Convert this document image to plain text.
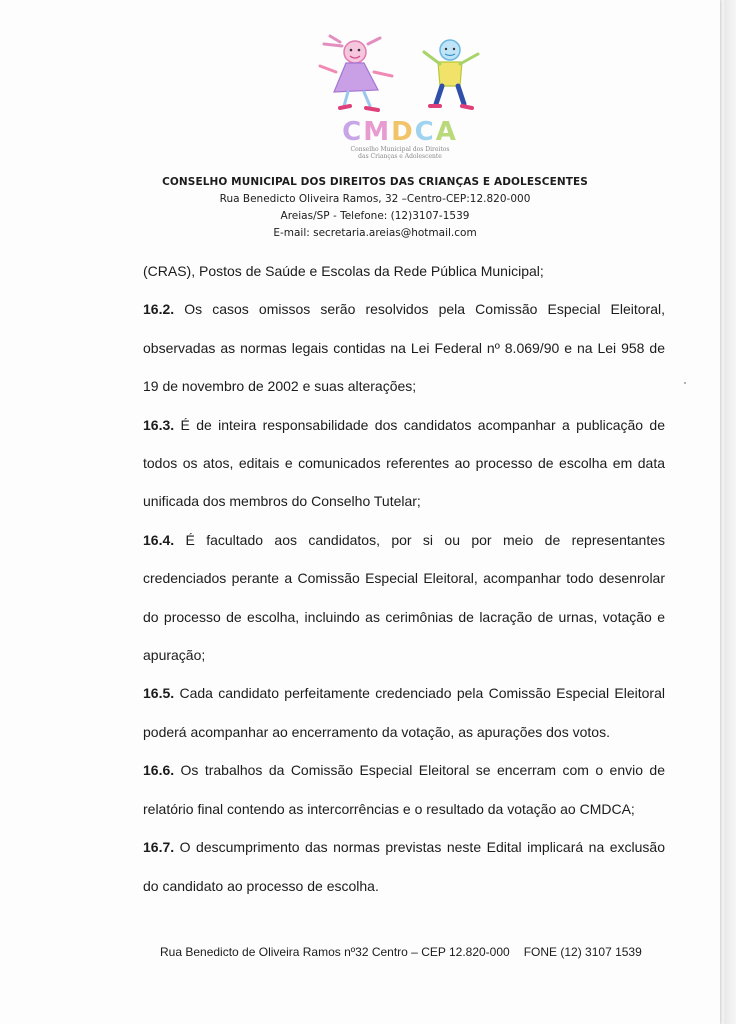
CMDCA
Conselho Municipal dos Direitos
das Crianças e Adolescente
CONSELHO MUNICIPAL DOS DIREITOS DAS CRIANÇAS E ADOLESCENTES
Rua Benedicto Oliveira Ramos, 32 –Centro-CEP:12.820-000
Areias/SP - Telefone: (12)3107-1539
E-mail: secretaria.areias@hotmail.com

(CRAS), Postos de Saúde e Escolas da Rede Pública Municipal;

16.2. Os casos omissos serão resolvidos pela Comissão Especial Eleitoral, observadas as normas legais contidas na Lei Federal nº 8.069/90 e na Lei 958 de 19 de novembro de 2002 e suas alterações;

16.3. É de inteira responsabilidade dos candidatos acompanhar a publicação de todos os atos, editais e comunicados referentes ao processo de escolha em data unificada dos membros do Conselho Tutelar;

16.4. É facultado aos candidatos, por si ou por meio de representantes credenciados perante a Comissão Especial Eleitoral, acompanhar todo desenrolar do processo de escolha, incluindo as cerimônias de lacração de urnas, votação e apuração;

16.5. Cada candidato perfeitamente credenciado pela Comissão Especial Eleitoral poderá acompanhar ao encerramento da votação, as apurações dos votos.

16.6. Os trabalhos da Comissão Especial Eleitoral se encerram com o envio de relatório final contendo as intercorrências e o resultado da votação ao CMDCA;

16.7. O descumprimento das normas previstas neste Edital implicará na exclusão do candidato ao processo de escolha.

Rua Benedicto de Oliveira Ramos nº32 Centro – CEP 12.820-000 FONE (12) 3107 1539
